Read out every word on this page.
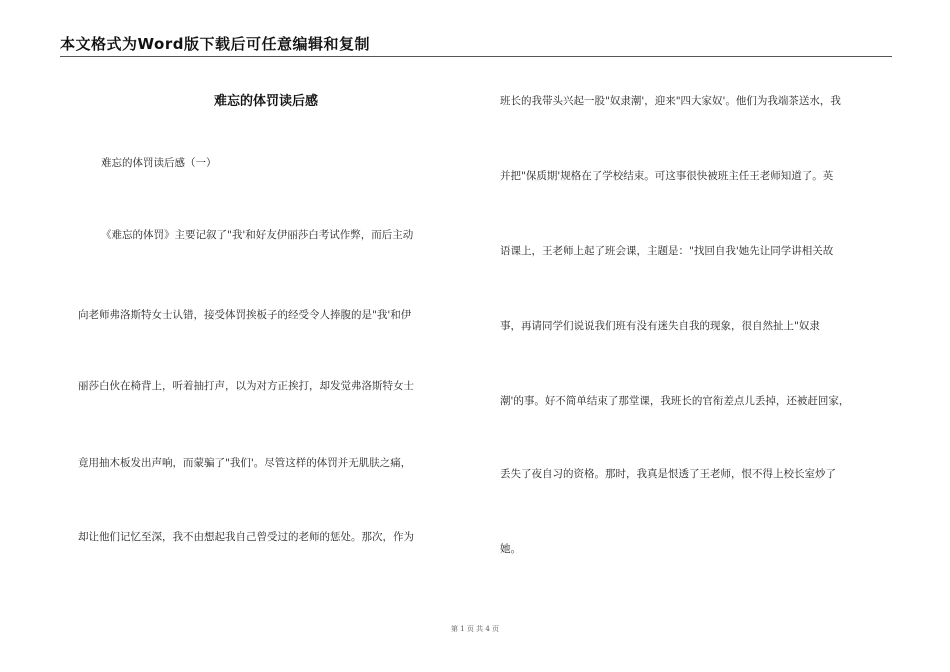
本文格式为Word版下载后可任意编辑和复制
难忘的体罚读后感
难忘的体罚读后感（一）
《难忘的体罚》主要记叙了"我'和好友伊丽莎白考试作弊，而后主动
向老师弗洛斯特女士认错，接受体罚挨板子的经受令人捧腹的是"我'和伊
丽莎白伙在椅背上，听着抽打声，以为对方正挨打，却发觉弗洛斯特女士
竟用抽木板发出声响，而蒙骗了"我们'。尽管这样的体罚并无肌肤之痛，
却让他们记忆至深，我不由想起我自己曾受过的老师的惩处。那次，作为
班长的我带头兴起一股"奴隶潮'，迎来"四大家奴'。他们为我端茶送水，我
并把"保质期'规格在了学校结束。可这事很快被班主任王老师知道了。英
语课上，王老师上起了班会课，主题是："找回自我'她先让同学讲相关故
事，再请同学们说说我们班有没有迷失自我的现象，很自然扯上"奴隶
潮'的事。好不简单结束了那堂课，我班长的官衔差点儿丢掉，还被赶回家，
丢失了夜自习的资格。那时，我真是恨透了王老师，恨不得上校长室炒了
她。
第 1 页 共 4 页
